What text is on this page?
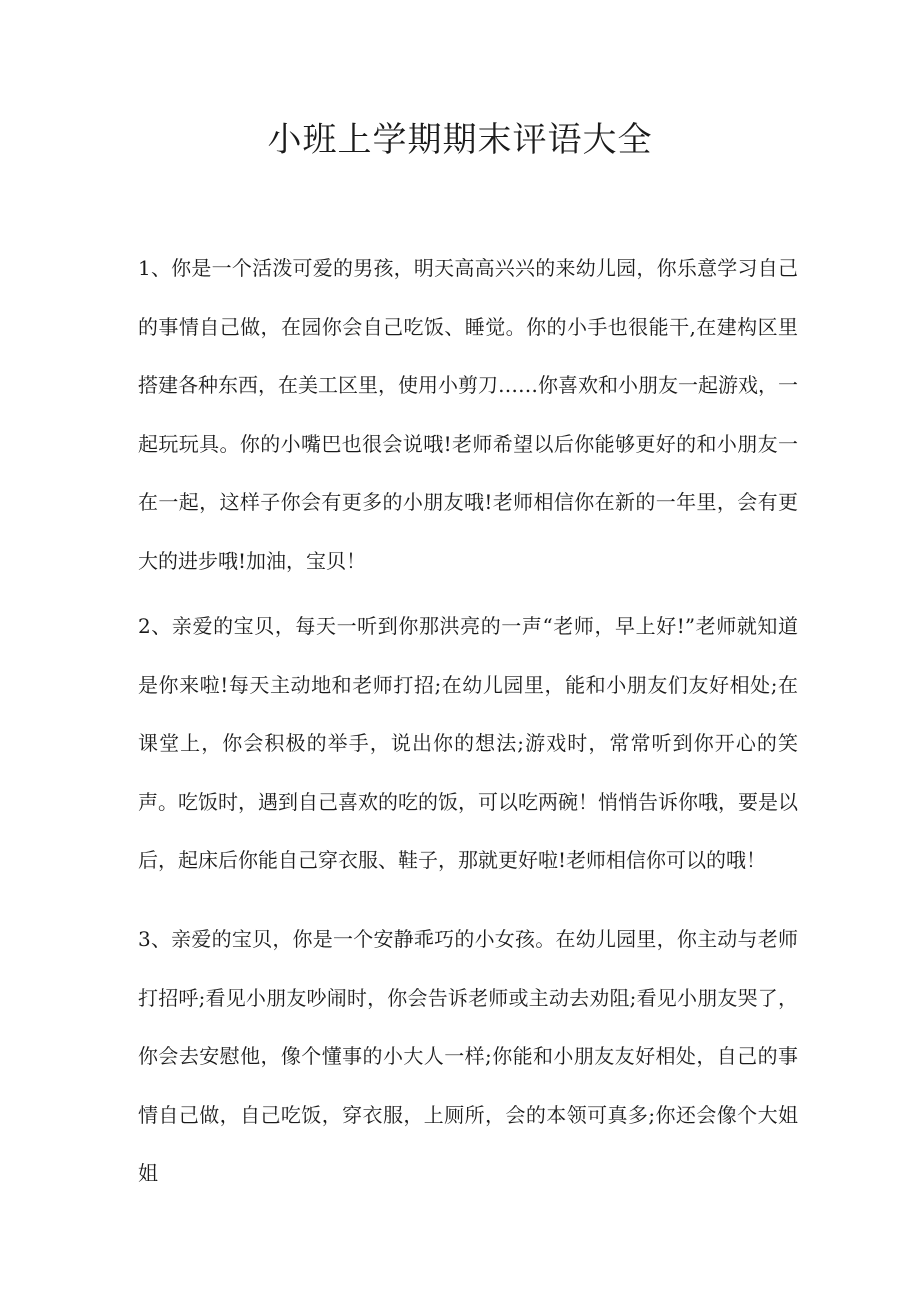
小班上学期期末评语大全

1、你是一个活泼可爱的男孩，明天高高兴兴的来幼儿园，你乐意学习自己的事情自己做，在园你会自己吃饭、睡觉。你的小手也很能干,在建构区里搭建各种东西，在美工区里，使用小剪刀……你喜欢和小朋友一起游戏，一起玩玩具。你的小嘴巴也很会说哦!老师希望以后你能够更好的和小朋友一在一起，这样子你会有更多的小朋友哦!老师相信你在新的一年里，会有更大的进步哦!加油，宝贝！

2、亲爱的宝贝，每天一听到你那洪亮的一声“老师，早上好!”老师就知道是你来啦!每天主动地和老师打招;在幼儿园里，能和小朋友们友好相处;在课堂上，你会积极的举手，说出你的想法;游戏时，常常听到你开心的笑声。吃饭时，遇到自己喜欢的吃的饭，可以吃两碗！悄悄告诉你哦，要是以后，起床后你能自己穿衣服、鞋子，那就更好啦!老师相信你可以的哦！

3、亲爱的宝贝，你是一个安静乖巧的小女孩。在幼儿园里，你主动与老师打招呼;看见小朋友吵闹时，你会告诉老师或主动去劝阻;看见小朋友哭了，你会去安慰他，像个懂事的小大人一样;你能和小朋友友好相处，自己的事情自己做，自己吃饭，穿衣服，上厕所，会的本领可真多;你还会像个大姐姐
